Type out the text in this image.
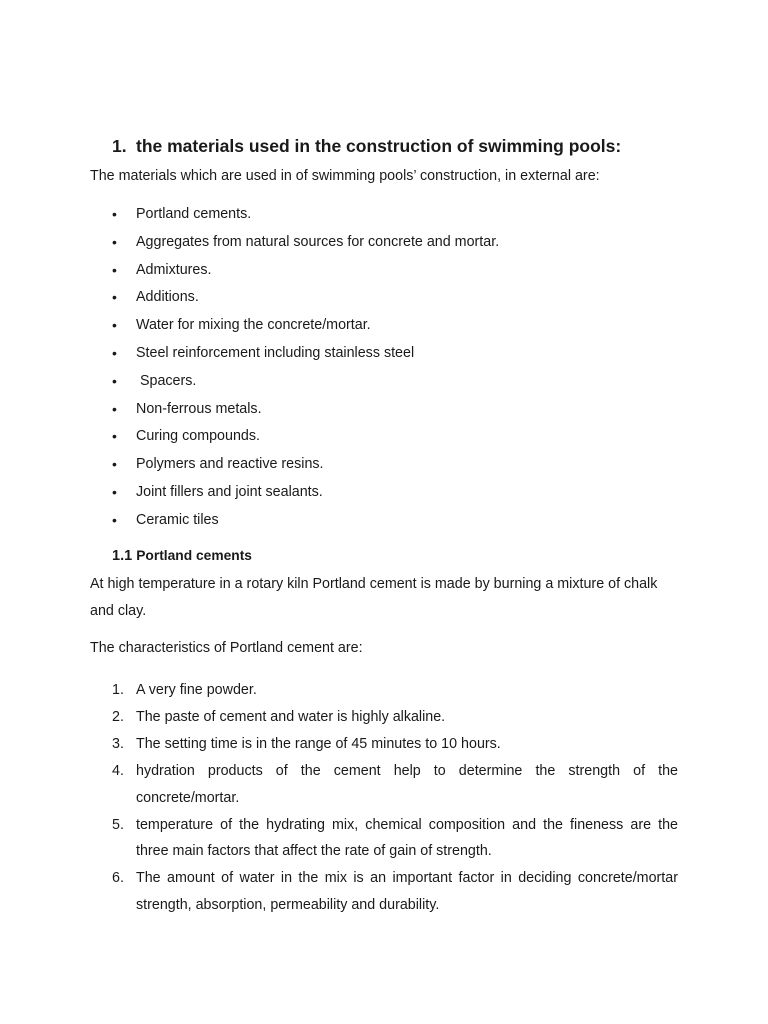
1. the materials used in the construction of swimming pools:
The materials which are used in of swimming pools’ construction, in external are:
•	Portland cements.
•	Aggregates from natural sources for concrete and mortar.
•	Admixtures.
•	Additions.
•	Water for mixing the concrete/mortar.
•	Steel reinforcement including stainless steel
•	Spacers.
•	Non-ferrous metals.
•	Curing compounds.
•	Polymers and reactive resins.
•	Joint fillers and joint sealants.
•	Ceramic tiles
1.1 Portland cements
At high temperature in a rotary kiln Portland cement is made by burning a mixture of chalk
and clay.
The characteristics of Portland cement are:
1. A very fine powder.
2. The paste of cement and water is highly alkaline.
3. The setting time is in the range of 45 minutes to 10 hours.
4. hydration products of the cement help to determine the strength of the concrete/mortar.
5. temperature of the hydrating mix, chemical composition and the fineness are the three main factors that affect the rate of gain of strength.
6. The amount of water in the mix is an important factor in deciding concrete/mortar strength, absorption, permeability and durability.
